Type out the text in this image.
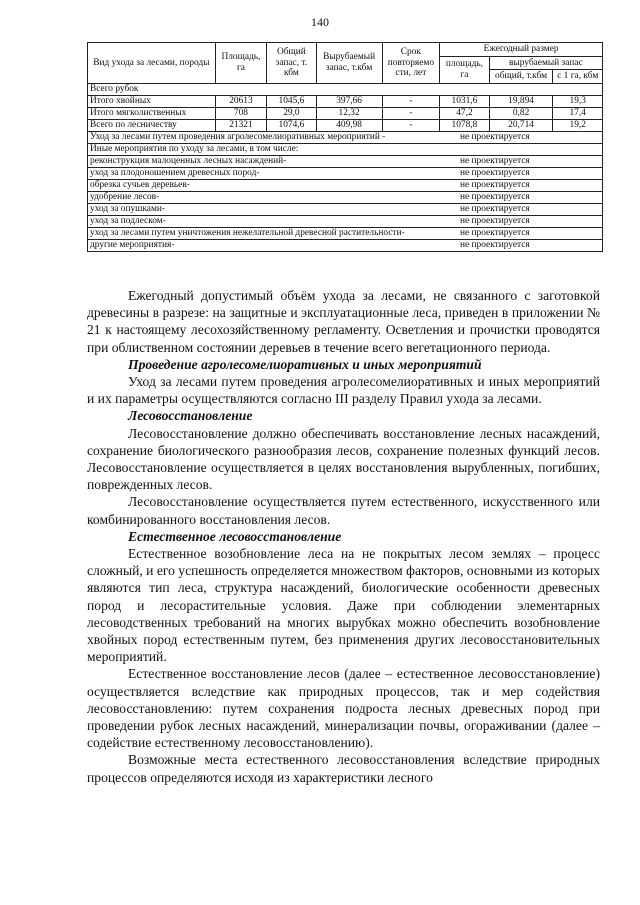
140
Вид ухода за лесами, породы	Площадь, га	Общий запас, т. кбм	Вырубаемый запас, т.кбм	Срок повторяемо сти, лет	Ежегодный размер		
					площадь, га	вырубаемый запас	
						общий, т.кбм	с 1 га, кбм
Всего рубок							
Итого хвойных	20613	1045,6	397,66	-	1031,6	19,894	19,3
Итого мягколиственных	708	29,0	12,32	-	47,2	0,82	17,4
Всего по лесничеству	21321	1074,6	409,98	-	1078,8	20,714	19,2
Уход за лесами путем проведения агролесомелиоративных мероприятий - не проектируется							

Иные мероприятия по уходу за лесами, в том числе:							

реконструкция малоценных лесных насаждений- не проектируется							

уход за плодоношением древесных пород- не проектируется							

обрезка сучьев деревьев- не проектируется							

удобрение лесов- не проектируется							

уход за опушками- не проектируется							

уход за подлеском- не проектируется							

уход за лесами путем уничтожения нежелательной древесной растительности- не проектируется							

другие мероприятия- не проектируется							

Ежегодный допустимый объём ухода за лесами, не связанного с заготовкой древесины в разрезе: на защитные и эксплуатационные леса, приведен в приложении № 21 к настоящему лесохозяйственному регламенту. Осветления и прочистки проводятся при облиственном состоянии деревьев в течение всего вегетационного периода.

Проведение агролесомелиоративных и иных мероприятий

Уход за лесами путем проведения агролесомелиоративных и иных мероприятий и их параметры осуществляются согласно III разделу Правил ухода за лесами.

Лесовосстановление

Лесовосстановление должно обеспечивать восстановление лесных насаждений, сохранение биологического разнообразия лесов, сохранение полезных функций лесов. Лесовосстановление осуществляется в целях восстановления вырубленных, погибших, поврежденных лесов.

Лесовосстановление осуществляется путем естественного, искусственного или комбинированного восстановления лесов.

Естественное лесовосстановление

Естественное возобновление леса на не покрытых лесом землях – процесс сложный, и его успешность определяется множеством факторов, основными из которых являются тип леса, структура насаждений, биологические особенности древесных пород и лесорастительные условия. Даже при соблюдении элементарных лесоводственных требований на многих вырубках можно обеспечить возобновление хвойных пород естественным путем, без применения других лесовосстановительных мероприятий.

Естественное восстановление лесов (далее – естественное лесовосстановление) осуществляется вследствие как природных процессов, так и мер содействия лесовосстановлению: путем сохранения подроста лесных древесных пород при проведении рубок лесных насаждений, минерализации почвы, огораживании (далее – содействие естественному лесовосстановлению).

Возможные места естественного лесовосстановления вследствие природных процессов определяются исходя из характеристики лесного
